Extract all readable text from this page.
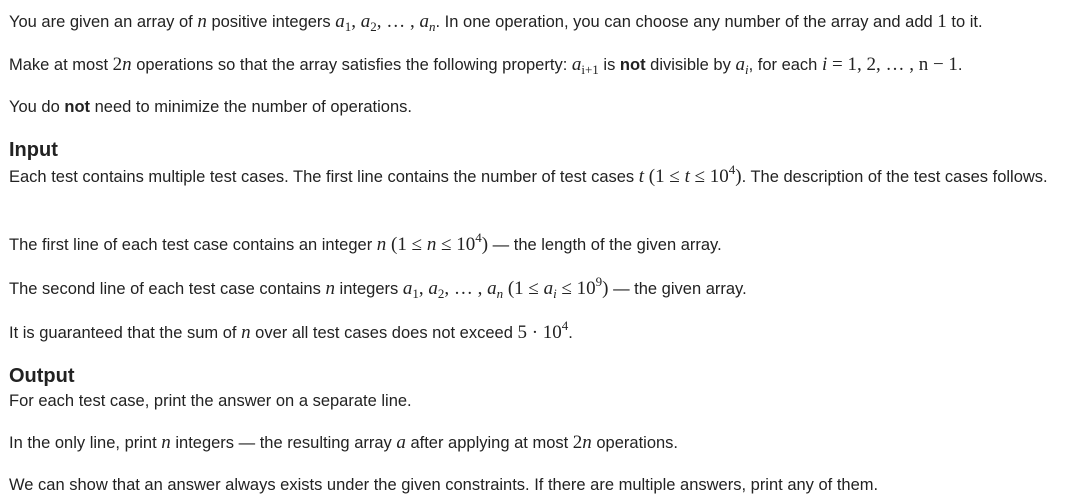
You are given an array of n positive integers $a_1$, $a_2$, … , $a_n$. In one operation, you can choose any number of the array and add 1 to it.

Make at most 2n operations so that the array satisfies the following property: $a_{i+1}$ is not divisible by $a_i$, for each i = 1, 2, … , n − 1.

You do not need to minimize the number of operations.

Input

Each test contains multiple test cases. The first line contains the number of test cases t $(1 \le t \le 10^4)$. The description of the test cases follows.

The first line of each test case contains an integer n $(1 \le n \le 10^4)$ — the length of the given array.

The second line of each test case contains n integers $a_1$, $a_2$, … , $a_n$ $(1 \le a_i \le 10^9)$ — the given array.

It is guaranteed that the sum of n over all test cases does not exceed $5 \cdot 10^4$.

Output

For each test case, print the answer on a separate line.

In the only line, print n integers — the resulting array a after applying at most 2n operations.

We can show that an answer always exists under the given constraints. If there are multiple answers, print any of them.
